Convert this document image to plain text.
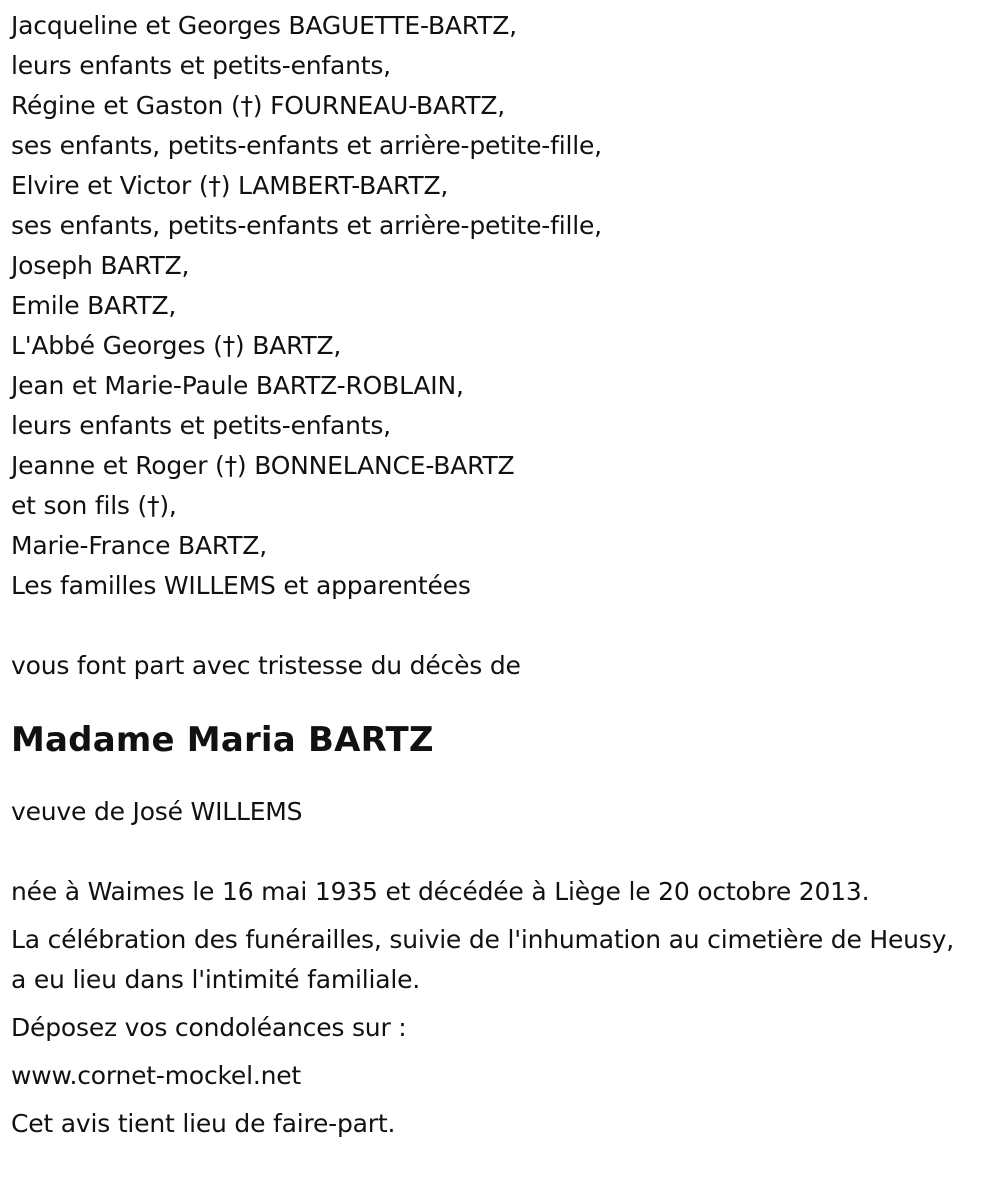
Jacqueline et Georges BAGUETTE-BARTZ,
leurs enfants et petits-enfants,
Régine et Gaston (†) FOURNEAU-BARTZ,
ses enfants, petits-enfants et arrière-petite-fille,
Elvire et Victor (†) LAMBERT-BARTZ,
ses enfants, petits-enfants et arrière-petite-fille,
Joseph BARTZ,
Emile BARTZ,
L'Abbé Georges (†) BARTZ,
Jean et Marie-Paule BARTZ-ROBLAIN,
leurs enfants et petits-enfants,
Jeanne et Roger (†) BONNELANCE-BARTZ
et son fils (†),
Marie-France BARTZ,
Les familles WILLEMS et apparentées
vous font part avec tristesse du décès de
Madame Maria BARTZ
veuve de José WILLEMS
née à Waimes le 16 mai 1935 et décédée à Liège le 20 octobre 2013.
La célébration des funérailles, suivie de l'inhumation au cimetière de Heusy, a eu lieu dans l'intimité familiale.
Déposez vos condoléances sur :
www.cornet-mockel.net
Cet avis tient lieu de faire-part.
